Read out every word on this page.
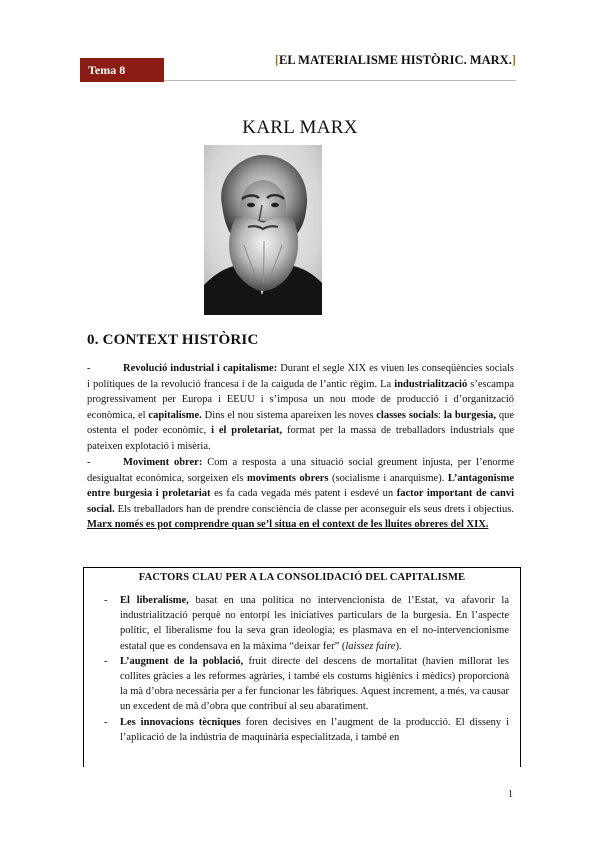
Tema 8
[EL MATERIALISME HISTÒRIC. MARX.]
KARL MARX
0. CONTEXT HISTÒRIC
-	Revolució industrial i capitalisme: Durant el segle XIX es viuen les conseqüències socials i polítiques de la revolució francesa i de la caiguda de l’antic règim. La industrialització s’escampa progressivament per Europa i EEUU i s’imposa un nou mode de producció i d’organització econòmica, el capitalisme. Dins el nou sistema apareixen les noves classes socials: la burgesia, que ostenta el poder econòmic, i el proletariat, format per la massa de treballadors industrials que pateixen explotació i misèria.
-	Moviment obrer: Com a resposta a una situació social greument injusta, per l’enorme desigualtat econòmica, sorgeixen els moviments obrers (socialisme i anarquisme). L’antagonisme entre burgesia i proletariat es fa cada vegada més patent i esdevé un factor important de canvi social. Els treballadors han de prendre consciència de classe per aconseguir els seus drets i objectius. Marx només es pot comprendre quan se’l situa en el context de les lluites obreres del XIX.
FACTORS CLAU PER A LA CONSOLIDACIÓ DEL CAPITALISME
- El liberalisme, basat en una política no intervencionista de l’Estat, va afavorir la industrialització perquè no entorpí les iniciatives particulars de la burgesia. En l’aspecte polític, el liberalisme fou la seva gran ideologia; es plasmava en el no-intervencionisme estatal que es condensava en la màxima “deixar fer” (laissez faire).
- L’augment de la població, fruit directe del descens de mortalitat (havien millorat les collites gràcies a les reformes agràries, i també els costums higiènics i mèdics) proporcionà la mà d’obra necessària per a fer funcionar les fàbriques. Aquest increment, a més, va causar un excedent de mà d’obra que contribuí al seu abaratiment.
- Les innovacions tècniques foren decisives en l’augment de la producció. El disseny i l’aplicació de la indústria de maquinària especialitzada, i també en
1
